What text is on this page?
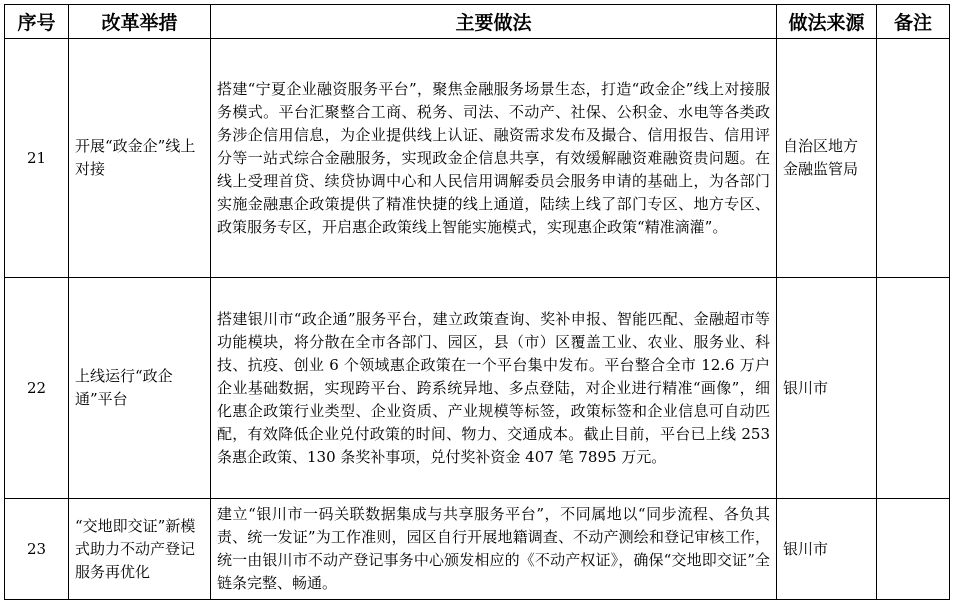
序号	改革举措	主要做法	做法来源	备注
21	开展“政金企”线上对接	搭建“宁夏企业融资服务平台”，聚焦金融服务场景生态，打造“政金企”线上对接服务模式。平台汇聚整合工商、税务、司法、不动产、社保、公积金、水电等各类政务涉企信用信息，为企业提供线上认证、融资需求发布及撮合、信用报告、信用评分等一站式综合金融服务，实现政金企信息共享，有效缓解融资难融资贵问题。在线上受理首贷、续贷协调中心和人民信用调解委员会服务申请的基础上，为各部门实施金融惠企政策提供了精准快捷的线上通道，陆续上线了部门专区、地方专区、政策服务专区，开启惠企政策线上智能实施模式，实现惠企政策“精准滴灌”。	自治区地方金融监管局	
22	上线运行“政企通”平台	搭建银川市“政企通”服务平台，建立政策查询、奖补申报、智能匹配、金融超市等功能模块，将分散在全市各部门、园区，县（市）区覆盖工业、农业、服务业、科技、抗疫、创业 6 个领域惠企政策在一个平台集中发布。平台整合全市 12.6 万户企业基础数据，实现跨平台、跨系统异地、多点登陆，对企业进行精准“画像”，细化惠企政策行业类型、企业资质、产业规模等标签，政策标签和企业信息可自动匹配，有效降低企业兑付政策的时间、物力、交通成本。截止目前，平台已上线 253 条惠企政策、130 条奖补事项，兑付奖补资金 407 笔 7895 万元。	银川市	
23	“交地即交证”新模式助力不动产登记服务再优化	建立“银川市一码关联数据集成与共享服务平台”，不同属地以“同步流程、各负其责、统一发证”为工作准则，园区自行开展地籍调查、不动产测绘和登记审核工作，统一由银川市不动产登记事务中心颁发相应的《不动产权证》，确保“交地即交证”全链条完整、畅通。	银川市	
